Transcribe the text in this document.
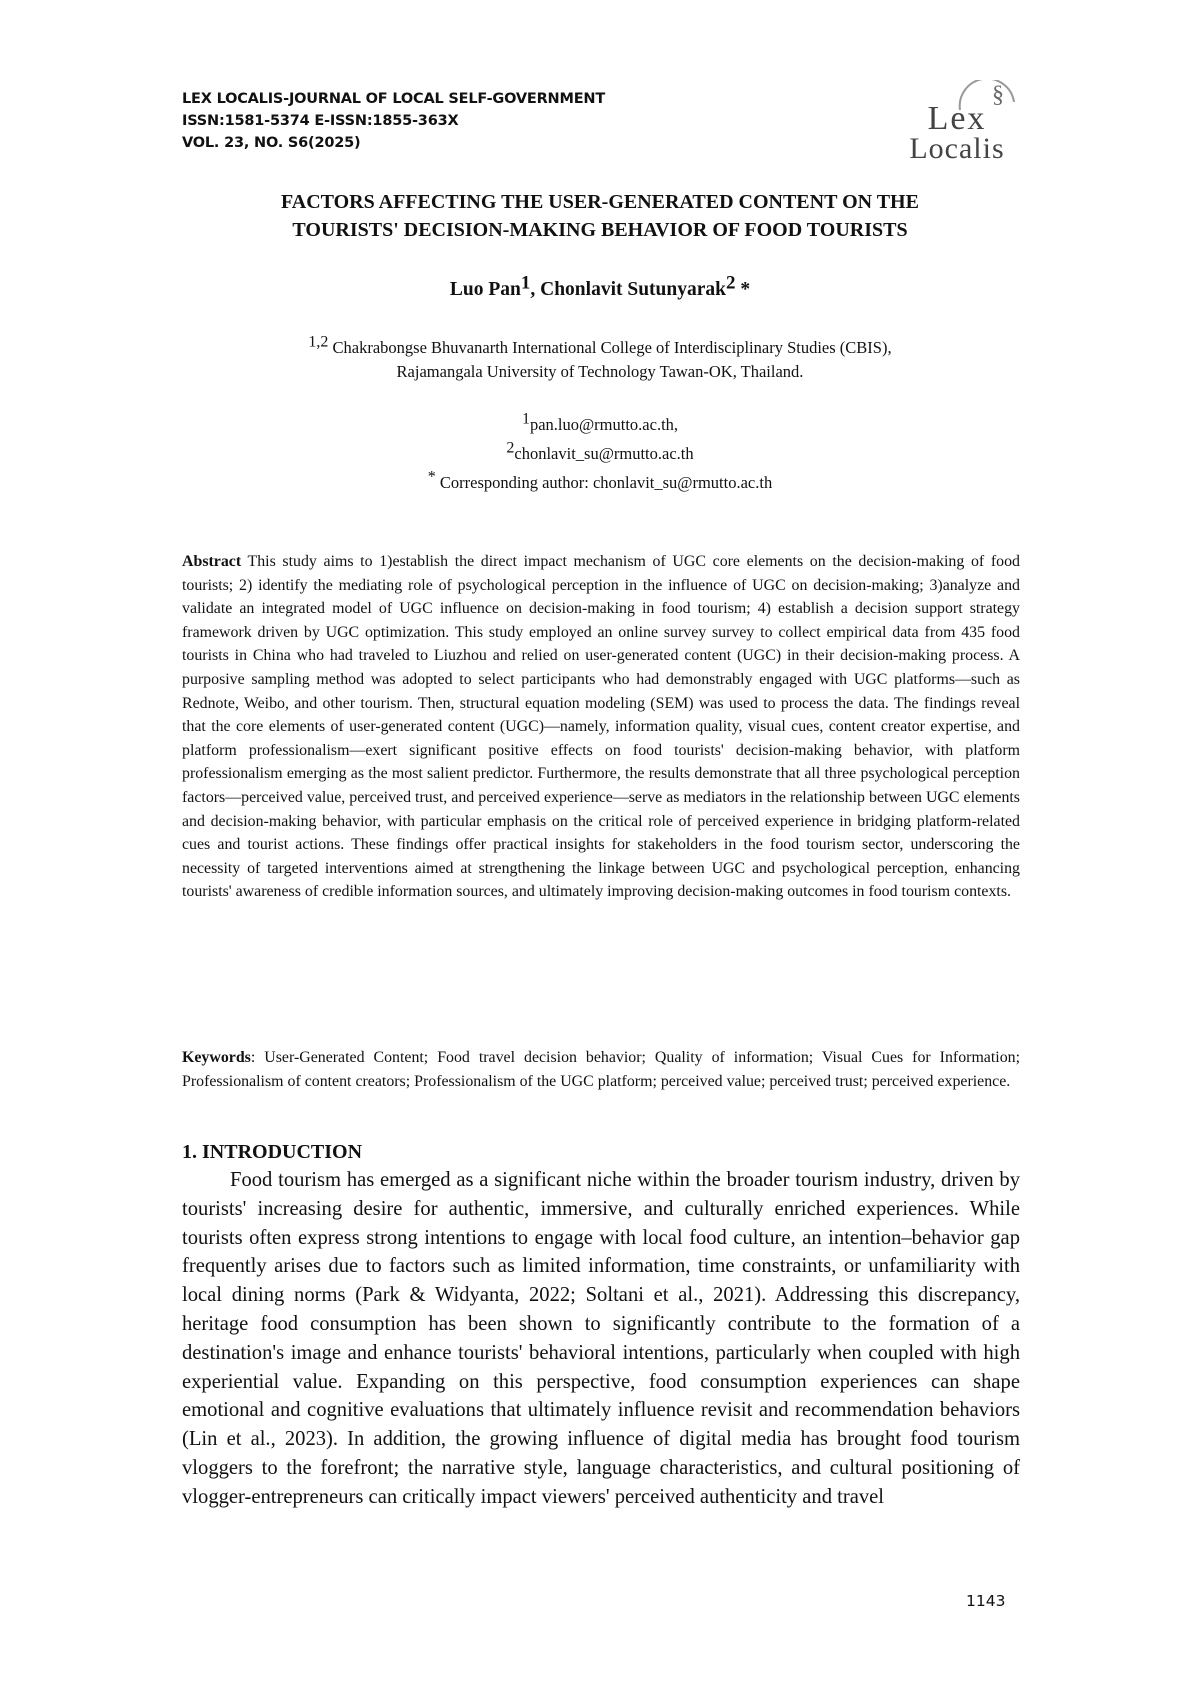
LEX LOCALIS-JOURNAL OF LOCAL SELF-GOVERNMENT
ISSN:1581-5374 E-ISSN:1855-363X
VOL. 23, NO. S6(2025)
§
Lex
Localis
FACTORS AFFECTING THE USER-GENERATED CONTENT ON THE
TOURISTS' DECISION-MAKING BEHAVIOR OF FOOD TOURISTS
Luo Pan$^1$, Chonlavit Sutunyarak$^2$ *
$^{1,2}$ Chakrabongse Bhuvanarth International College of Interdisciplinary Studies (CBIS),
Rajamangala University of Technology Tawan-OK, Thailand.
$^1$pan.luo@rmutto.ac.th,
$^2$chonlavit_su@rmutto.ac.th
* Corresponding author: chonlavit_su@rmutto.ac.th
Abstract This study aims to 1)establish the direct impact mechanism of UGC core elements on the decision-making of food tourists; 2) identify the mediating role of psychological perception in the influence of UGC on decision-making; 3)analyze and validate an integrated model of UGC influence on decision-making in food tourism; 4) establish a decision support strategy framework driven by UGC optimization. This study employed an online survey survey to collect empirical data from 435 food tourists in China who had traveled to Liuzhou and relied on user-generated content (UGC) in their decision-making process. A purposive sampling method was adopted to select participants who had demonstrably engaged with UGC platforms—such as Rednote, Weibo, and other tourism. Then, structural equation modeling (SEM) was used to process the data. The findings reveal that the core elements of user-generated content (UGC)—namely, information quality, visual cues, content creator expertise, and platform professionalism—exert significant positive effects on food tourists' decision-making behavior, with platform professionalism emerging as the most salient predictor. Furthermore, the results demonstrate that all three psychological perception factors—perceived value, perceived trust, and perceived experience—serve as mediators in the relationship between UGC elements and decision-making behavior, with particular emphasis on the critical role of perceived experience in bridging platform-related cues and tourist actions. These findings offer practical insights for stakeholders in the food tourism sector, underscoring the necessity of targeted interventions aimed at strengthening the linkage between UGC and psychological perception, enhancing tourists' awareness of credible information sources, and ultimately improving decision-making outcomes in food tourism contexts.
Keywords: User-Generated Content; Food travel decision behavior; Quality of information; Visual Cues for Information; Professionalism of content creators; Professionalism of the UGC platform; perceived value; perceived trust; perceived experience.
1. INTRODUCTION
Food tourism has emerged as a significant niche within the broader tourism industry, driven by tourists' increasing desire for authentic, immersive, and culturally enriched experiences. While tourists often express strong intentions to engage with local food culture, an intention–behavior gap frequently arises due to factors such as limited information, time constraints, or unfamiliarity with local dining norms (Park & Widyanta, 2022; Soltani et al., 2021). Addressing this discrepancy, heritage food consumption has been shown to significantly contribute to the formation of a destination's image and enhance tourists' behavioral intentions, particularly when coupled with high experiential value. Expanding on this perspective, food consumption experiences can shape emotional and cognitive evaluations that ultimately influence revisit and recommendation behaviors (Lin et al., 2023). In addition, the growing influence of digital media has brought food tourism vloggers to the forefront; the narrative style, language characteristics, and cultural positioning of vlogger-entrepreneurs can critically impact viewers' perceived authenticity and travel
1143
